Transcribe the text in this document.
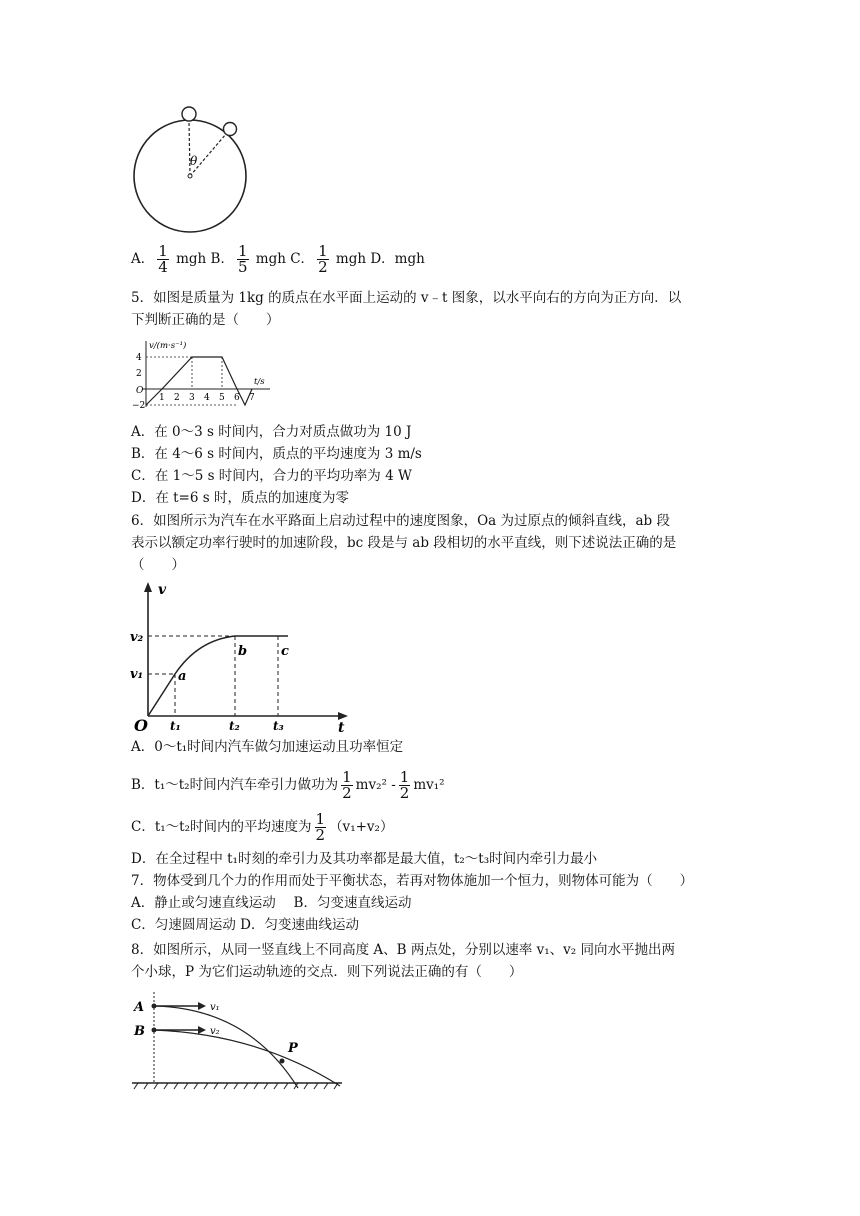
θ
A． $\frac{1}{4}$ mgh B． $\frac{1}{5}$ mgh C． $\frac{1}{2}$ mgh D．mgh
5．如图是质量为 1kg 的质点在水平面上运动的 v﹣t 图象，以水平向右的方向为正方向．以
下判断正确的是（　　）
v/(m·s⁻¹)
t/s
4
2
O
−2
1 2 3 4 5 6 7
A．在 0～3 s 时间内，合力对质点做功为 10 J
B．在 4～6 s 时间内，质点的平均速度为 3 m/s
C．在 1～5 s 时间内，合力的平均功率为 4 W
D．在 t=6 s 时，质点的加速度为零
6．如图所示为汽车在水平路面上启动过程中的速度图象，Oa 为过原点的倾斜直线，ab 段
表示以额定功率行驶时的加速阶段，bc 段是与 ab 段相切的水平直线，则下述说法正确的是
（　　）
v
t
O
v₂
v₁	a
b	c
t₁	t₂	t₃
A．0～t₁时间内汽车做匀加速运动且功率恒定
B．t₁～t₂时间内汽车牵引力做功为 $\frac{1}{2} mv_2^2 - \frac{1}{2} mv_1^2$
C．t₁～t₂时间内的平均速度为 $\frac{1}{2} (v_1+v_2)$
D．在全过程中 t₁时刻的牵引力及其功率都是最大值，t₂～t₃时间内牵引力最小
7．物体受到几个力的作用而处于平衡状态，若再对物体施加一个恒力，则物体可能为（　　）
A．静止或匀速直线运动　 B．匀变速直线运动
C．匀速圆周运动 D．匀变速曲线运动
8．如图所示，从同一竖直线上不同高度 A、B 两点处，分别以速率 v₁、v₂ 同向水平抛出两
个小球，P 为它们运动轨迹的交点．则下列说法正确的有（　　）
A
B
P
v₁
v₂
